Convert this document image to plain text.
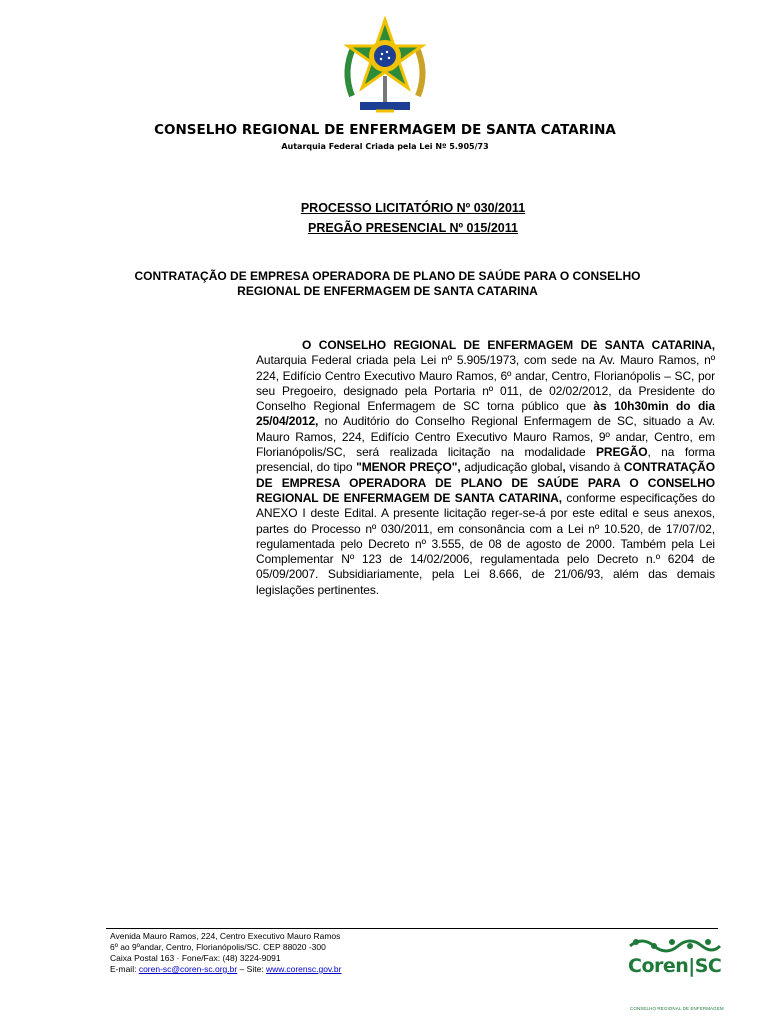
CONSELHO REGIONAL DE ENFERMAGEM DE SANTA CATARINA
Autarquia Federal Criada pela Lei Nº 5.905/73
PROCESSO LICITATÓRIO Nº 030/2011
PREGÃO PRESENCIAL Nº 015/2011
CONTRATAÇÃO DE EMPRESA OPERADORA DE PLANO DE SAÚDE PARA O CONSELHO REGIONAL DE ENFERMAGEM DE SANTA CATARINA
O CONSELHO REGIONAL DE ENFERMAGEM DE SANTA CATARINA, Autarquia Federal criada pela Lei nº 5.905/1973, com sede na Av. Mauro Ramos, nº 224, Edifício Centro Executivo Mauro Ramos, 6º andar, Centro, Florianópolis – SC, por seu Pregoeiro, designado pela Portaria nº 011, de 02/02/2012, da Presidente do Conselho Regional Enfermagem de SC torna público que às 10h30min do dia 25/04/2012, no Auditório do Conselho Regional Enfermagem de SC, situado a Av. Mauro Ramos, 224, Edifício Centro Executivo Mauro Ramos, 9º andar, Centro, em Florianópolis/SC, será realizada licitação na modalidade PREGÃO, na forma presencial, do tipo "MENOR PREÇO", adjudicação global, visando à CONTRATAÇÃO DE EMPRESA OPERADORA DE PLANO DE SAÚDE PARA O CONSELHO REGIONAL DE ENFERMAGEM DE SANTA CATARINA, conforme especificações do ANEXO I deste Edital. A presente licitação reger-se-á por este edital e seus anexos, partes do Processo nº 030/2011, em consonância com a Lei nº 10.520, de 17/07/02, regulamentada pelo Decreto nº 3.555, de 08 de agosto de 2000. Também pela Lei Complementar Nº 123 de 14/02/2006, regulamentada pelo Decreto n.º 6204 de 05/09/2007. Subsidiariamente, pela Lei 8.666, de 21/06/93, além das demais legislações pertinentes.
Avenida Mauro Ramos, 224, Centro Executivo Mauro Ramos
6º ao 9ºandar, Centro, Florianópolis/SC. CEP 88020 -300
Caixa Postal 163 · Fone/Fax: (48) 3224-9091
E-mail: coren-sc@coren-sc.org.br – Site: www.corensc.gov.br	Coren|SC
CONSELHO REGIONAL DE ENFERMAGEM
